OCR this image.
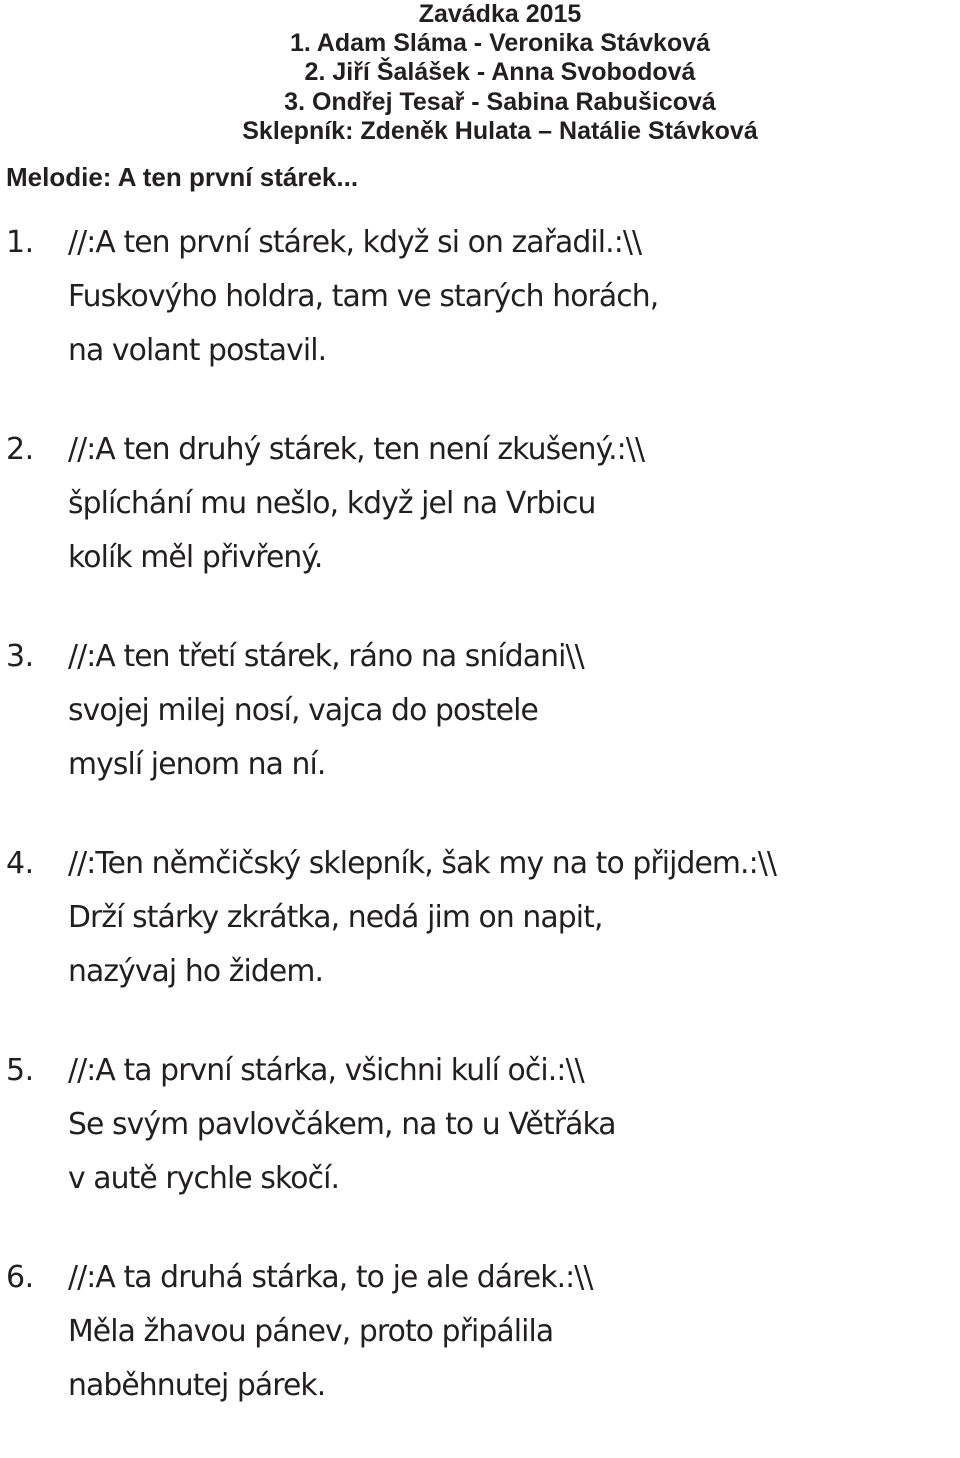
Zavádka 2015
1. Adam Sláma - Veronika Stávková
2. Jiří Šalášek - Anna Svobodová
3. Ondřej Tesař - Sabina Rabušicová
Sklepník: Zdeněk Hulata – Natálie Stávková
Melodie: A ten první stárek...
1. //:A ten první stárek, když si on zařadil.:\\
Fuskovýho holdra, tam ve starých horách,
na volant postavil.
2. //:A ten druhý stárek, ten není zkušený.:\\
šplíchání mu nešlo, když jel na Vrbicu
kolík měl přivřený.
3. //:A ten třetí stárek, ráno na snídani\\
svojej milej nosí, vajca do postele
myslí jenom na ní.
4. //:Ten němčičský sklepník, šak my na to přijdem.:\\
Drží stárky zkrátka, nedá jim on napit,
nazývaj ho židem.
5. //:A ta první stárka, všichni kulí oči.:\\
Se svým pavlovčákem, na to u Větřáka
v autě rychle skočí.
6. //:A ta druhá stárka, to je ale dárek.:\\
Měla žhavou pánev, proto připálila
naběhnutej párek.
